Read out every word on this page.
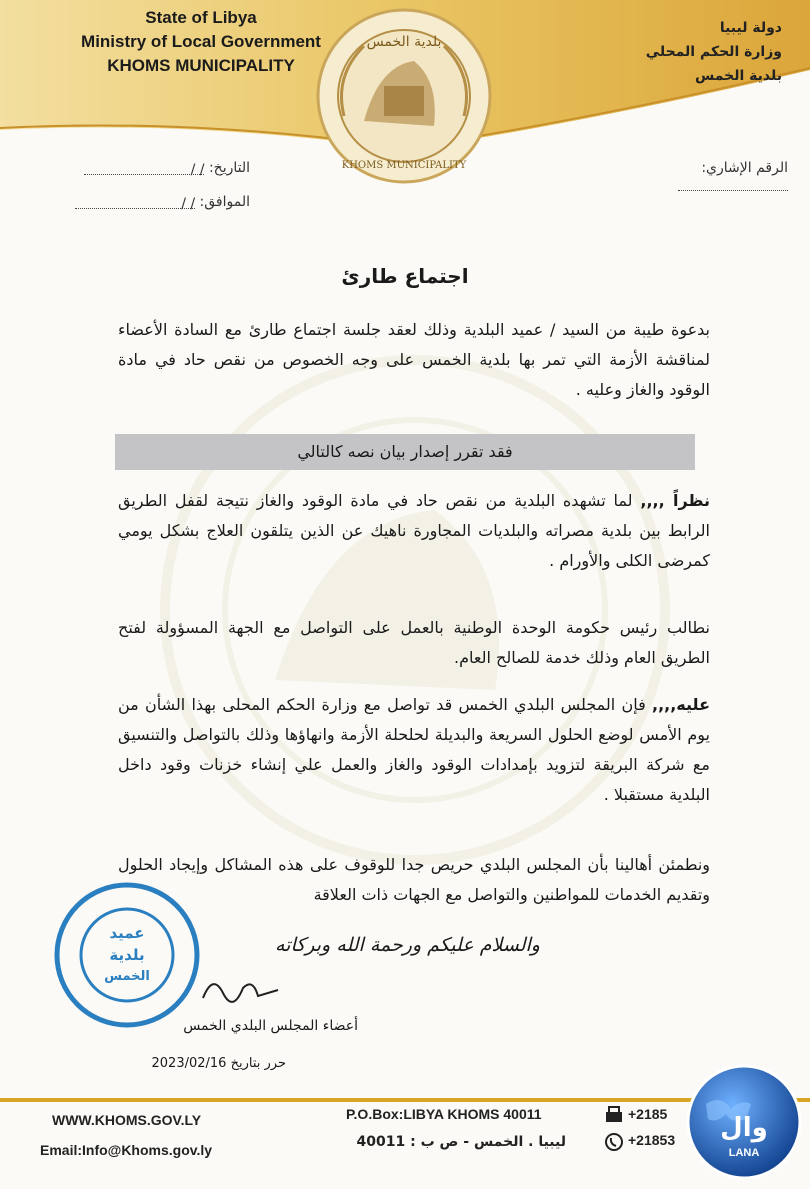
State of Libya
Ministry of Local Government
KHOMS MUNICIPALITY
دولة ليبيا
وزارة الحكم المحلي
بلدية الخمس
بلدية الخمس
KHOMS MUNICIPALITY	الرقم الإشاري:
التاريخ: / /
الموافق: / /
اجتماع طارئ

بدعوة طيبة من السيد / عميد البلدية وذلك لعقد جلسة اجتماع طارئ مع السادة الأعضاء لمناقشة الأزمة التي تمر بها بلدية الخمس على وجه الخصوص من نقص حاد في مادة الوقود والغاز وعليه .

فقد تقرر إصدار بيان نصه كالتالي

نظراً ,,,, لما تشهده البلدية من نقص حاد في مادة الوقود والغاز نتيجة لقفل الطريق الرابط بين بلدية مصراته والبلديات المجاورة ناهيك عن الذين يتلقون العلاج بشكل يومي كمرضى الكلى والأورام .

نطالب رئيس حكومة الوحدة الوطنية بالعمل على التواصل مع الجهة المسؤولة لفتح الطريق العام وذلك خدمة للصالح العام.

عليه,,,, فإن المجلس البلدي الخمس قد تواصل مع وزارة الحكم المحلى بهذا الشأن من يوم الأمس لوضع الحلول السريعة والبديلة لحلحلة الأزمة وانهاؤها وذلك بالتواصل والتنسيق مع شركة البريقة لتزويد بإمدادات الوقود والغاز والعمل علي إنشاء خزنات وقود داخل البلدية مستقبلا .

ونطمئن أهالينا بأن المجلس البلدي حريص جدا للوقوف على هذه المشاكل وإيجاد الحلول وتقديم الخدمات للمواطنين والتواصل مع الجهات ذات العلاقة

والسلام عليكم ورحمة الله وبركاته
عميد
بلدية
الخمس
أعضاء المجلس البلدي الخمس
حرر بتاريخ 2023/02/16
WWW.KHOMS.GOV.LY
Email:Info@Khoms.gov.ly
P.O.Box:LIBYA KHOMS 40011
ليبيا . الخمس - ص ب : 40011
+2185
+21853 وال
LANA
